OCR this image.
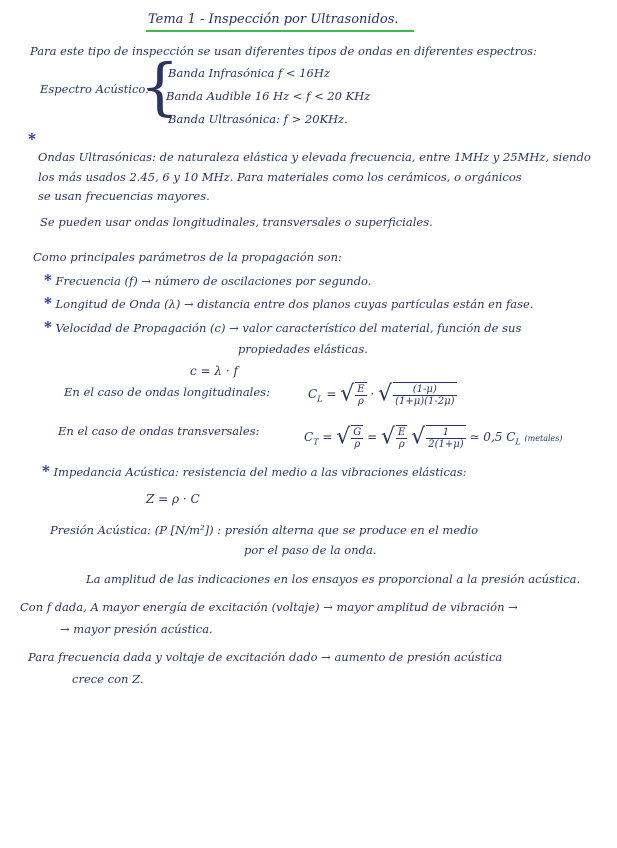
Tema 1 - Inspección por Ultrasonidos.
Para este tipo de inspección se usan diferentes tipos de ondas en diferentes espectros:
Espectro Acústico:
{
Banda Infrasónica f < 16Hz
Banda Audible 16 Hz < f < 20 KHz
Banda Ultrasónica: f > 20KHz.
*
Ondas Ultrasónicas: de naturaleza elástica y elevada frecuencia, entre 1MHz y 25MHz, siendo
los más usados 2.45, 6 y 10 MHz. Para materiales como los cerámicos, o orgánicos
se usan frecuencias mayores.
Se pueden usar ondas longitudinales, transversales o superficiales.
Como principales parámetros de la propagación son:
* Frecuencia (f) → número de oscilaciones por segundo.
* Longitud de Onda (λ) → distancia entre dos planos cuyas partículas están en fase.
* Velocidad de Propagación (c) → valor característico del material, función de sus
propiedades elásticas.
c = λ · f
En el caso de ondas longitudinales:	$C_L$ = √ $\frac{E}{\rho}$ · √ $\frac{(1-\mu)}{(1+\mu)(1-2\mu)}$
En el caso de ondas transversales:	$C_T$ = √ $\frac{G}{\rho}$ = √ $\frac{E}{\rho}$ √ $\frac{1}{2(1+\mu)}$ ≃ 0,5 $C_L$ (metales)
* Impedancia Acústica: resistencia del medio a las vibraciones elásticas:
Z = ρ · C
Presión Acústica: (P [N/m²]) : presión alterna que se produce en el medio
por el paso de la onda.
La amplitud de las indicaciones en los ensayos es proporcional a la presión acústica.
Con f dada, A mayor energía de excitación (voltaje) → mayor amplitud de vibración →
→ mayor presión acústica.
Para frecuencia dada y voltaje de excitación dado → aumento de presión acústica
crece con Z.
